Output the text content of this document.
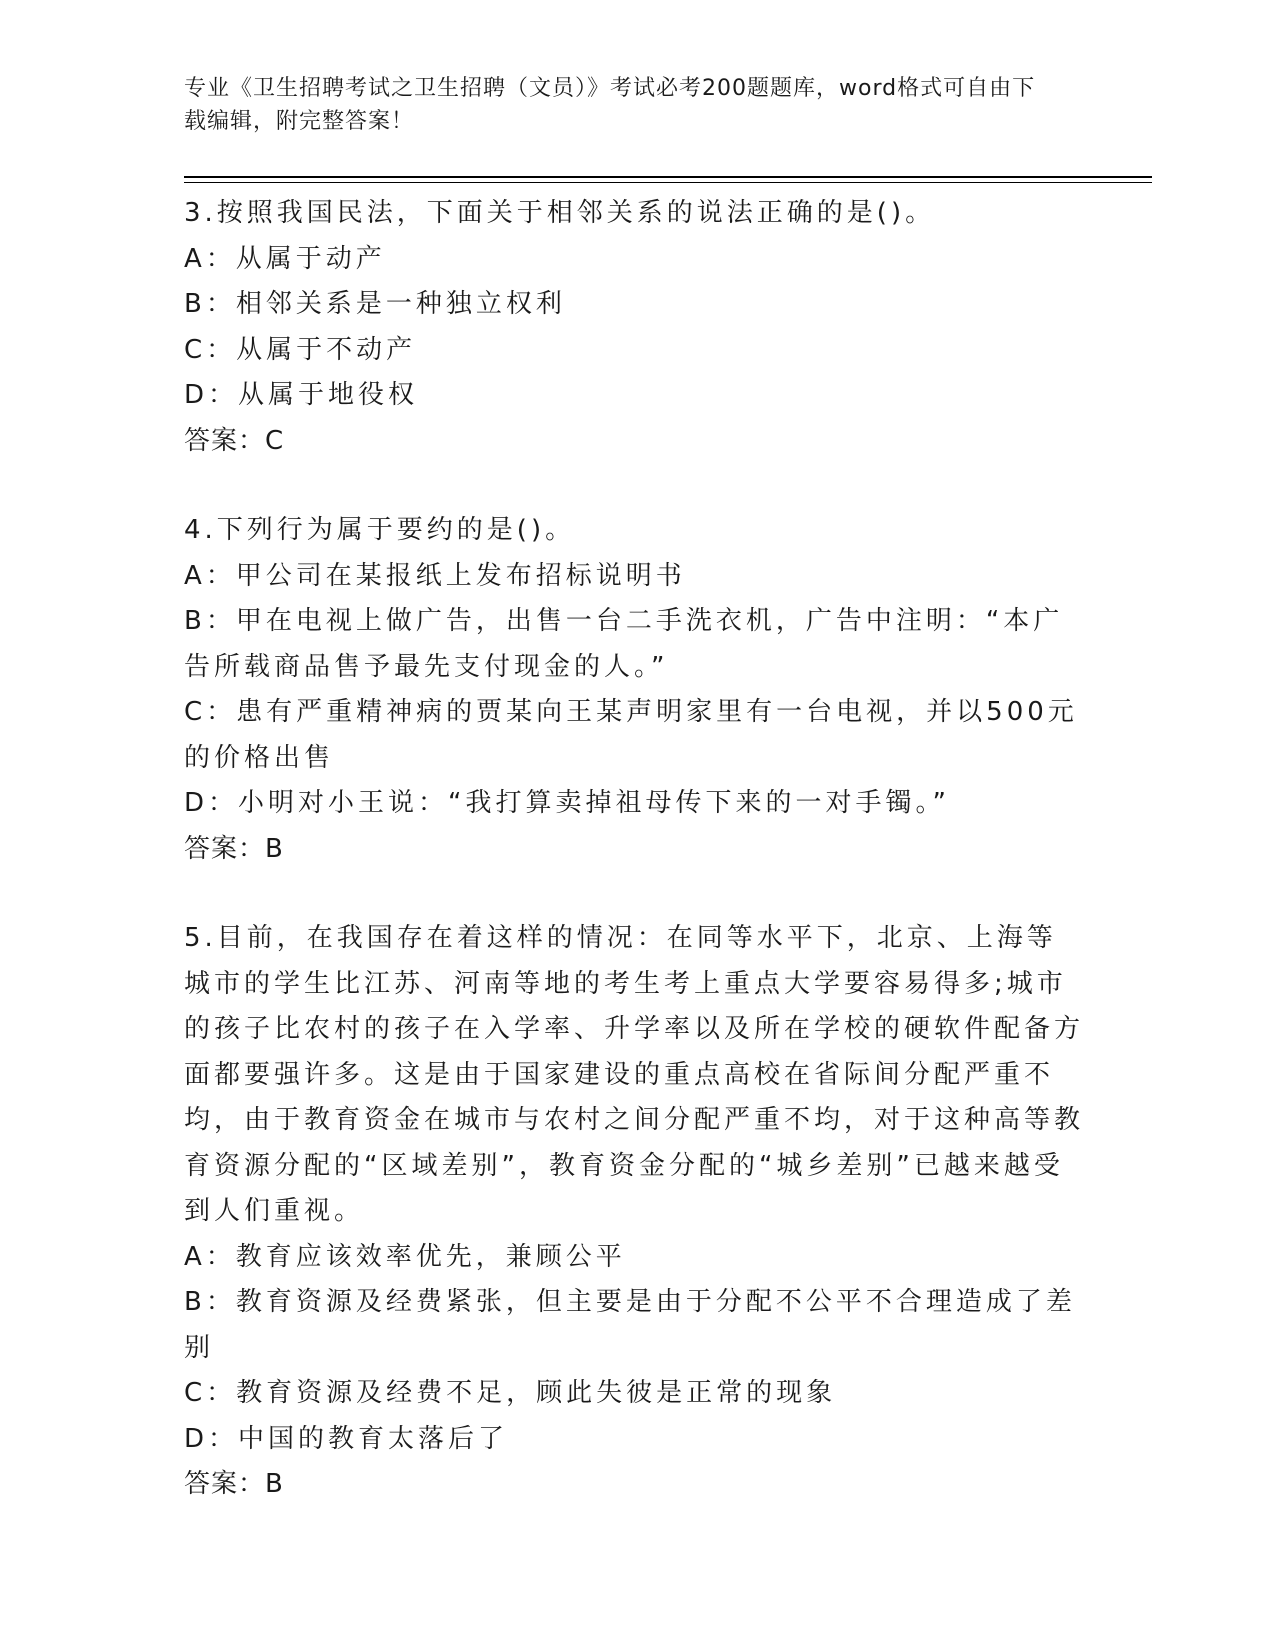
专业《卫生招聘考试之卫生招聘（文员）》考试必考200题题库，word格式可自由下载编辑，附完整答案！

3.按照我国民法，下面关于相邻关系的说法正确的是()。

A：从属于动产

B：相邻关系是一种独立权利

C：从属于不动产

D：从属于地役权

答案：C

4.下列行为属于要约的是()。

A：甲公司在某报纸上发布招标说明书

B：甲在电视上做广告，出售一台二手洗衣机，广告中注明：“本广告所载商品售予最先支付现金的人。”

C：患有严重精神病的贾某向王某声明家里有一台电视，并以500元的价格出售

D：小明对小王说：“我打算卖掉祖母传下来的一对手镯。”

答案：B

5.目前，在我国存在着这样的情况：在同等水平下，北京、上海等城市的学生比江苏、河南等地的考生考上重点大学要容易得多;城市的孩子比农村的孩子在入学率、升学率以及所在学校的硬软件配备方面都要强许多。这是由于国家建设的重点高校在省际间分配严重不均，由于教育资金在城市与农村之间分配严重不均，对于这种高等教育资源分配的“区域差别”，教育资金分配的“城乡差别”已越来越受到人们重视。

A：教育应该效率优先，兼顾公平

B：教育资源及经费紧张，但主要是由于分配不公平不合理造成了差别

C：教育资源及经费不足，顾此失彼是正常的现象

D：中国的教育太落后了

答案：B
